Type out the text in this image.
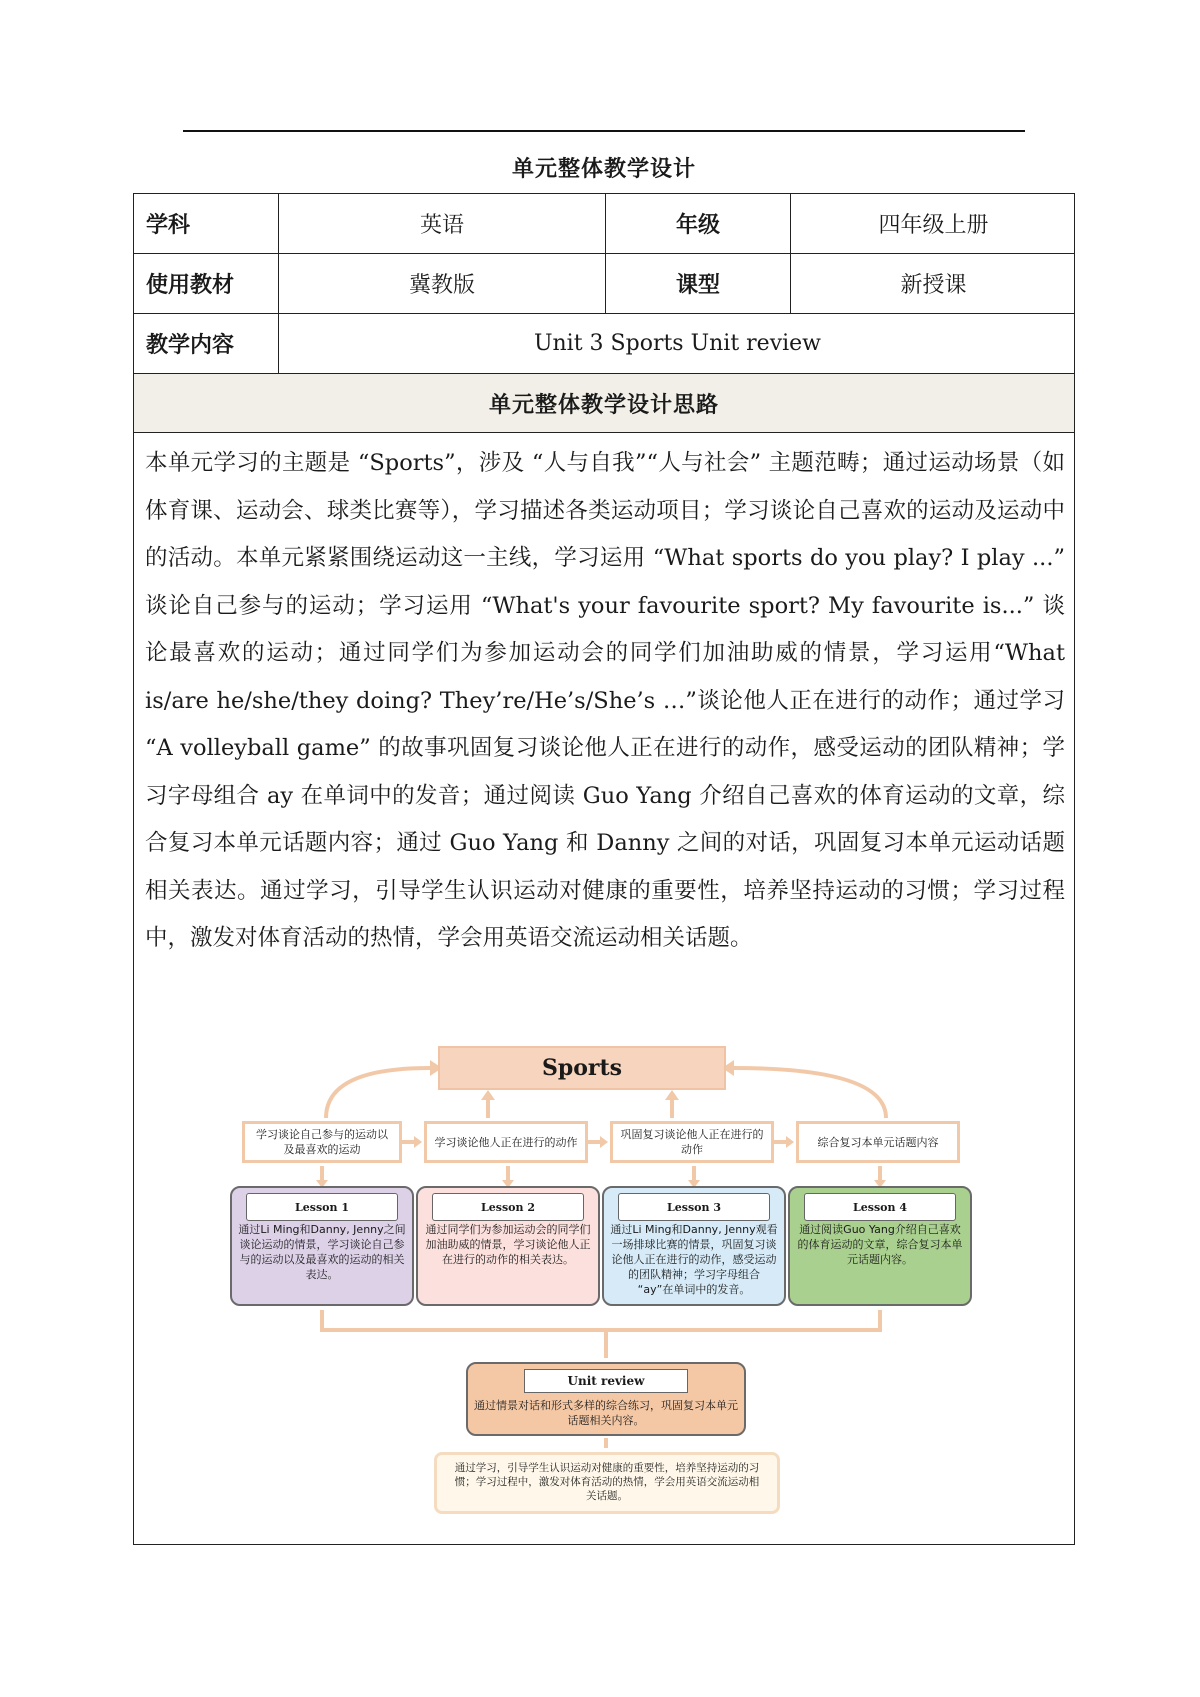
单元整体教学设计
学科	英语	年级	四年级上册
使用教材	冀教版	课型	新授课
教学内容	Unit 3 Sports Unit review
单元整体教学设计思路
本单元学习的主题是 “Sports”，涉及 “人与自我”“人与社会” 主题范畴；通过运动场景（如体育课、运动会、球类比赛等），学习描述各类运动项目；学习谈论自己喜欢的运动及运动中的活动。本单元紧紧围绕运动这一主线，学习运用 “What sports do you play? I play ...” 谈论自己参与的运动；学习运用 “What's your favourite sport? My favourite is...” 谈论最喜欢的运动；通过同学们为参加运动会的同学们加油助威的情景，学习运用“What is/are he/she/they doing? They’re/He’s/She’s …”谈论他人正在进行的动作；通过学习 “A volleyball game” 的故事巩固复习谈论他人正在进行的动作，感受运动的团队精神；学习字母组合 ay 在单词中的发音；通过阅读 Guo Yang 介绍自己喜欢的体育运动的文章，综合复习本单元话题内容；通过 Guo Yang 和 Danny 之间的对话，巩固复习本单元运动话题相关表达。通过学习，引导学生认识运动对健康的重要性，培养坚持运动的习惯；学习过程中，激发对体育活动的热情，学会用英语交流运动相关话题。
Sports
学习谈论自己参与的运动以及最喜欢的运动
学习谈论他人正在进行的动作
巩固复习谈论他人正在进行的动作
综合复习本单元话题内容
Lesson 1
通过Li Ming和Danny, Jenny之间谈论运动的情景，学习谈论自己参与的运动以及最喜欢的运动的相关表达。
Lesson 2
通过同学们为参加运动会的同学们加油助威的情景，学习谈论他人正在进行的动作的相关表达。
Lesson 3
通过Li Ming和Danny, Jenny观看一场排球比赛的情景，巩固复习谈论他人正在进行的动作，感受运动的团队精神；学习字母组合 “ay”在单词中的发音。
Lesson 4
通过阅读Guo Yang介绍自己喜欢的体育运动的文章，综合复习本单元话题内容。
Unit review
通过情景对话和形式多样的综合练习，巩固复习本单元话题相关内容。
通过学习，引导学生认识运动对健康的重要性，培养坚持运动的习惯；学习过程中，激发对体育活动的热情，学会用英语交流运动相关话题。
